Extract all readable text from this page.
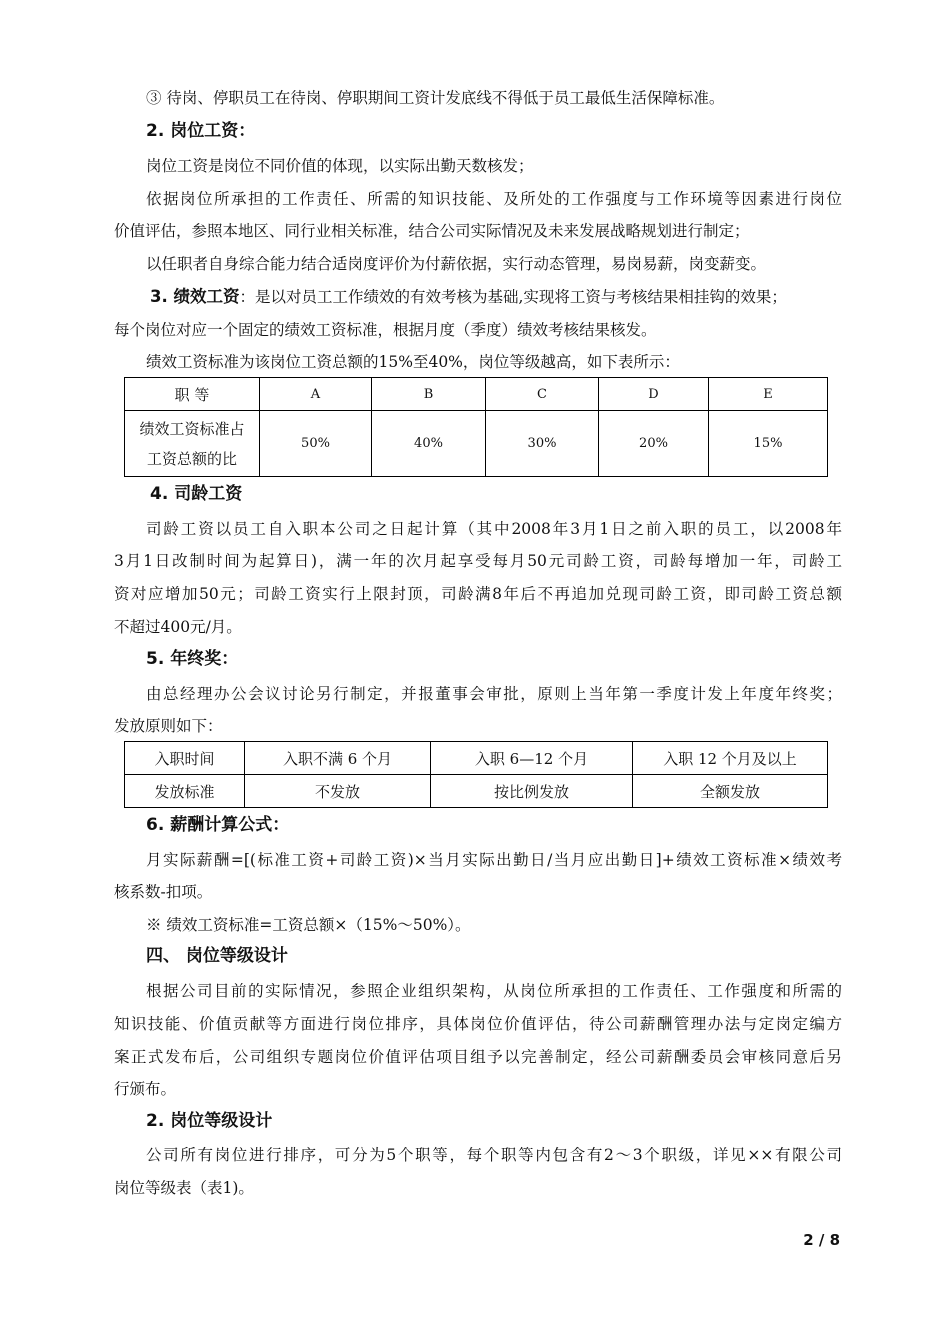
③ 待岗、停职员工在待岗、停职期间工资计发底线不得低于员工最低生活保障标准。
2. 岗位工资：
岗位工资是岗位不同价值的体现，以实际出勤天数核发；
依据岗位所承担的工作责任、所需的知识技能、及所处的工作强度与工作环境等因素进行岗位
价值评估，参照本地区、同行业相关标准，结合公司实际情况及未来发展战略规划进行制定；
以任职者自身综合能力结合适岗度评价为付薪依据，实行动态管理，易岗易薪，岗变薪变。
3. 绩效工资：是以对员工工作绩效的有效考核为基础,实现将工资与考核结果相挂钩的效果；
每个岗位对应一个固定的绩效工资标准，根据月度（季度）绩效考核结果核发。
绩效工资标准为该岗位工资总额的15%至40%，岗位等级越高，如下表所示：
职 等	A	B	C	D	E
绩效工资标准占
工资总额的比	50%	40%	30%	20%	15%
4. 司龄工资
司龄工资以员工自入职本公司之日起计算（其中2008年3月1日之前入职的员工，以2008年
3月1日改制时间为起算日)，满一年的次月起享受每月50元司龄工资，司龄每增加一年，司龄工
资对应增加50元；司龄工资实行上限封顶，司龄满8年后不再追加兑现司龄工资，即司龄工资总额
不超过400元/月。
5. 年终奖：
由总经理办公会议讨论另行制定，并报董事会审批，原则上当年第一季度计发上年度年终奖；
发放原则如下：
入职时间	入职不满 6 个月	入职 6—12 个月	入职 12 个月及以上
发放标准	不发放	按比例发放	全额发放
6. 薪酬计算公式：
月实际薪酬=[(标准工资+司龄工资)×当月实际出勤日/当月应出勤日]+绩效工资标准×绩效考
核系数-扣项。
※ 绩效工资标准=工资总额×（15%～50%）。
四、 岗位等级设计
根据公司目前的实际情况，参照企业组织架构，从岗位所承担的工作责任、工作强度和所需的
知识技能、价值贡献等方面进行岗位排序，具体岗位价值评估，待公司薪酬管理办法与定岗定编方
案正式发布后，公司组织专题岗位价值评估项目组予以完善制定，经公司薪酬委员会审核同意后另
行颁布。
2. 岗位等级设计
公司所有岗位进行排序，可分为5个职等，每个职等内包含有2～3个职级，详见××有限公司
岗位等级表（表1)。
2 / 8
